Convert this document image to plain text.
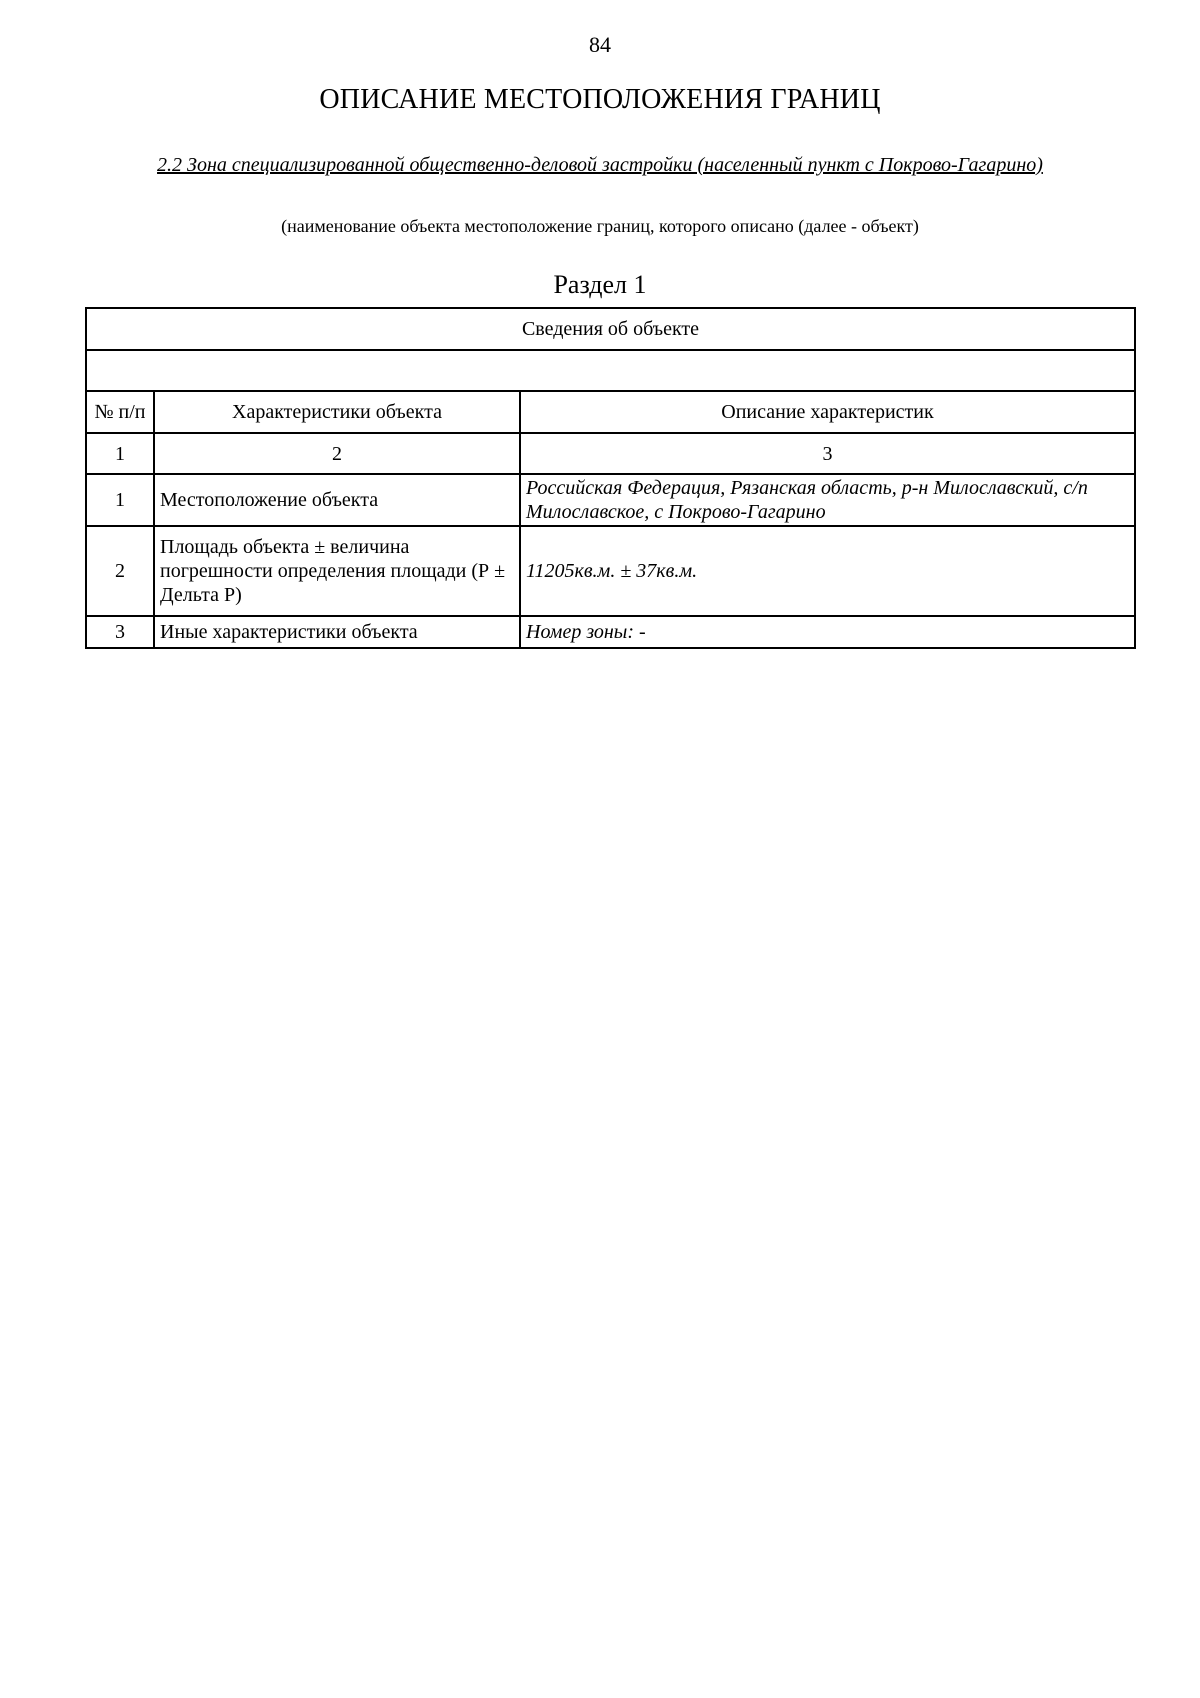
84
ОПИСАНИЕ МЕСТОПОЛОЖЕНИЯ ГРАНИЦ
2.2 Зона специализированной общественно-деловой застройки (населенный пункт с Покрово-Гагарино)
(наименование объекта местоположение границ, которого описано (далее - объект)
Раздел 1
Сведения об объекте		

№ п/п	Характеристики объекта	Описание характеристик
1	2	3
1	Местоположение объекта	Российская Федерация, Рязанская область, р-н Милославский, с/п Милославское, с Покрово-Гагарино
2	Площадь объекта ± величина погрешности определения площади (Р ± Дельта Р)	11205кв.м. ± 37кв.м.
3	Иные характеристики объекта	Номер зоны: -
